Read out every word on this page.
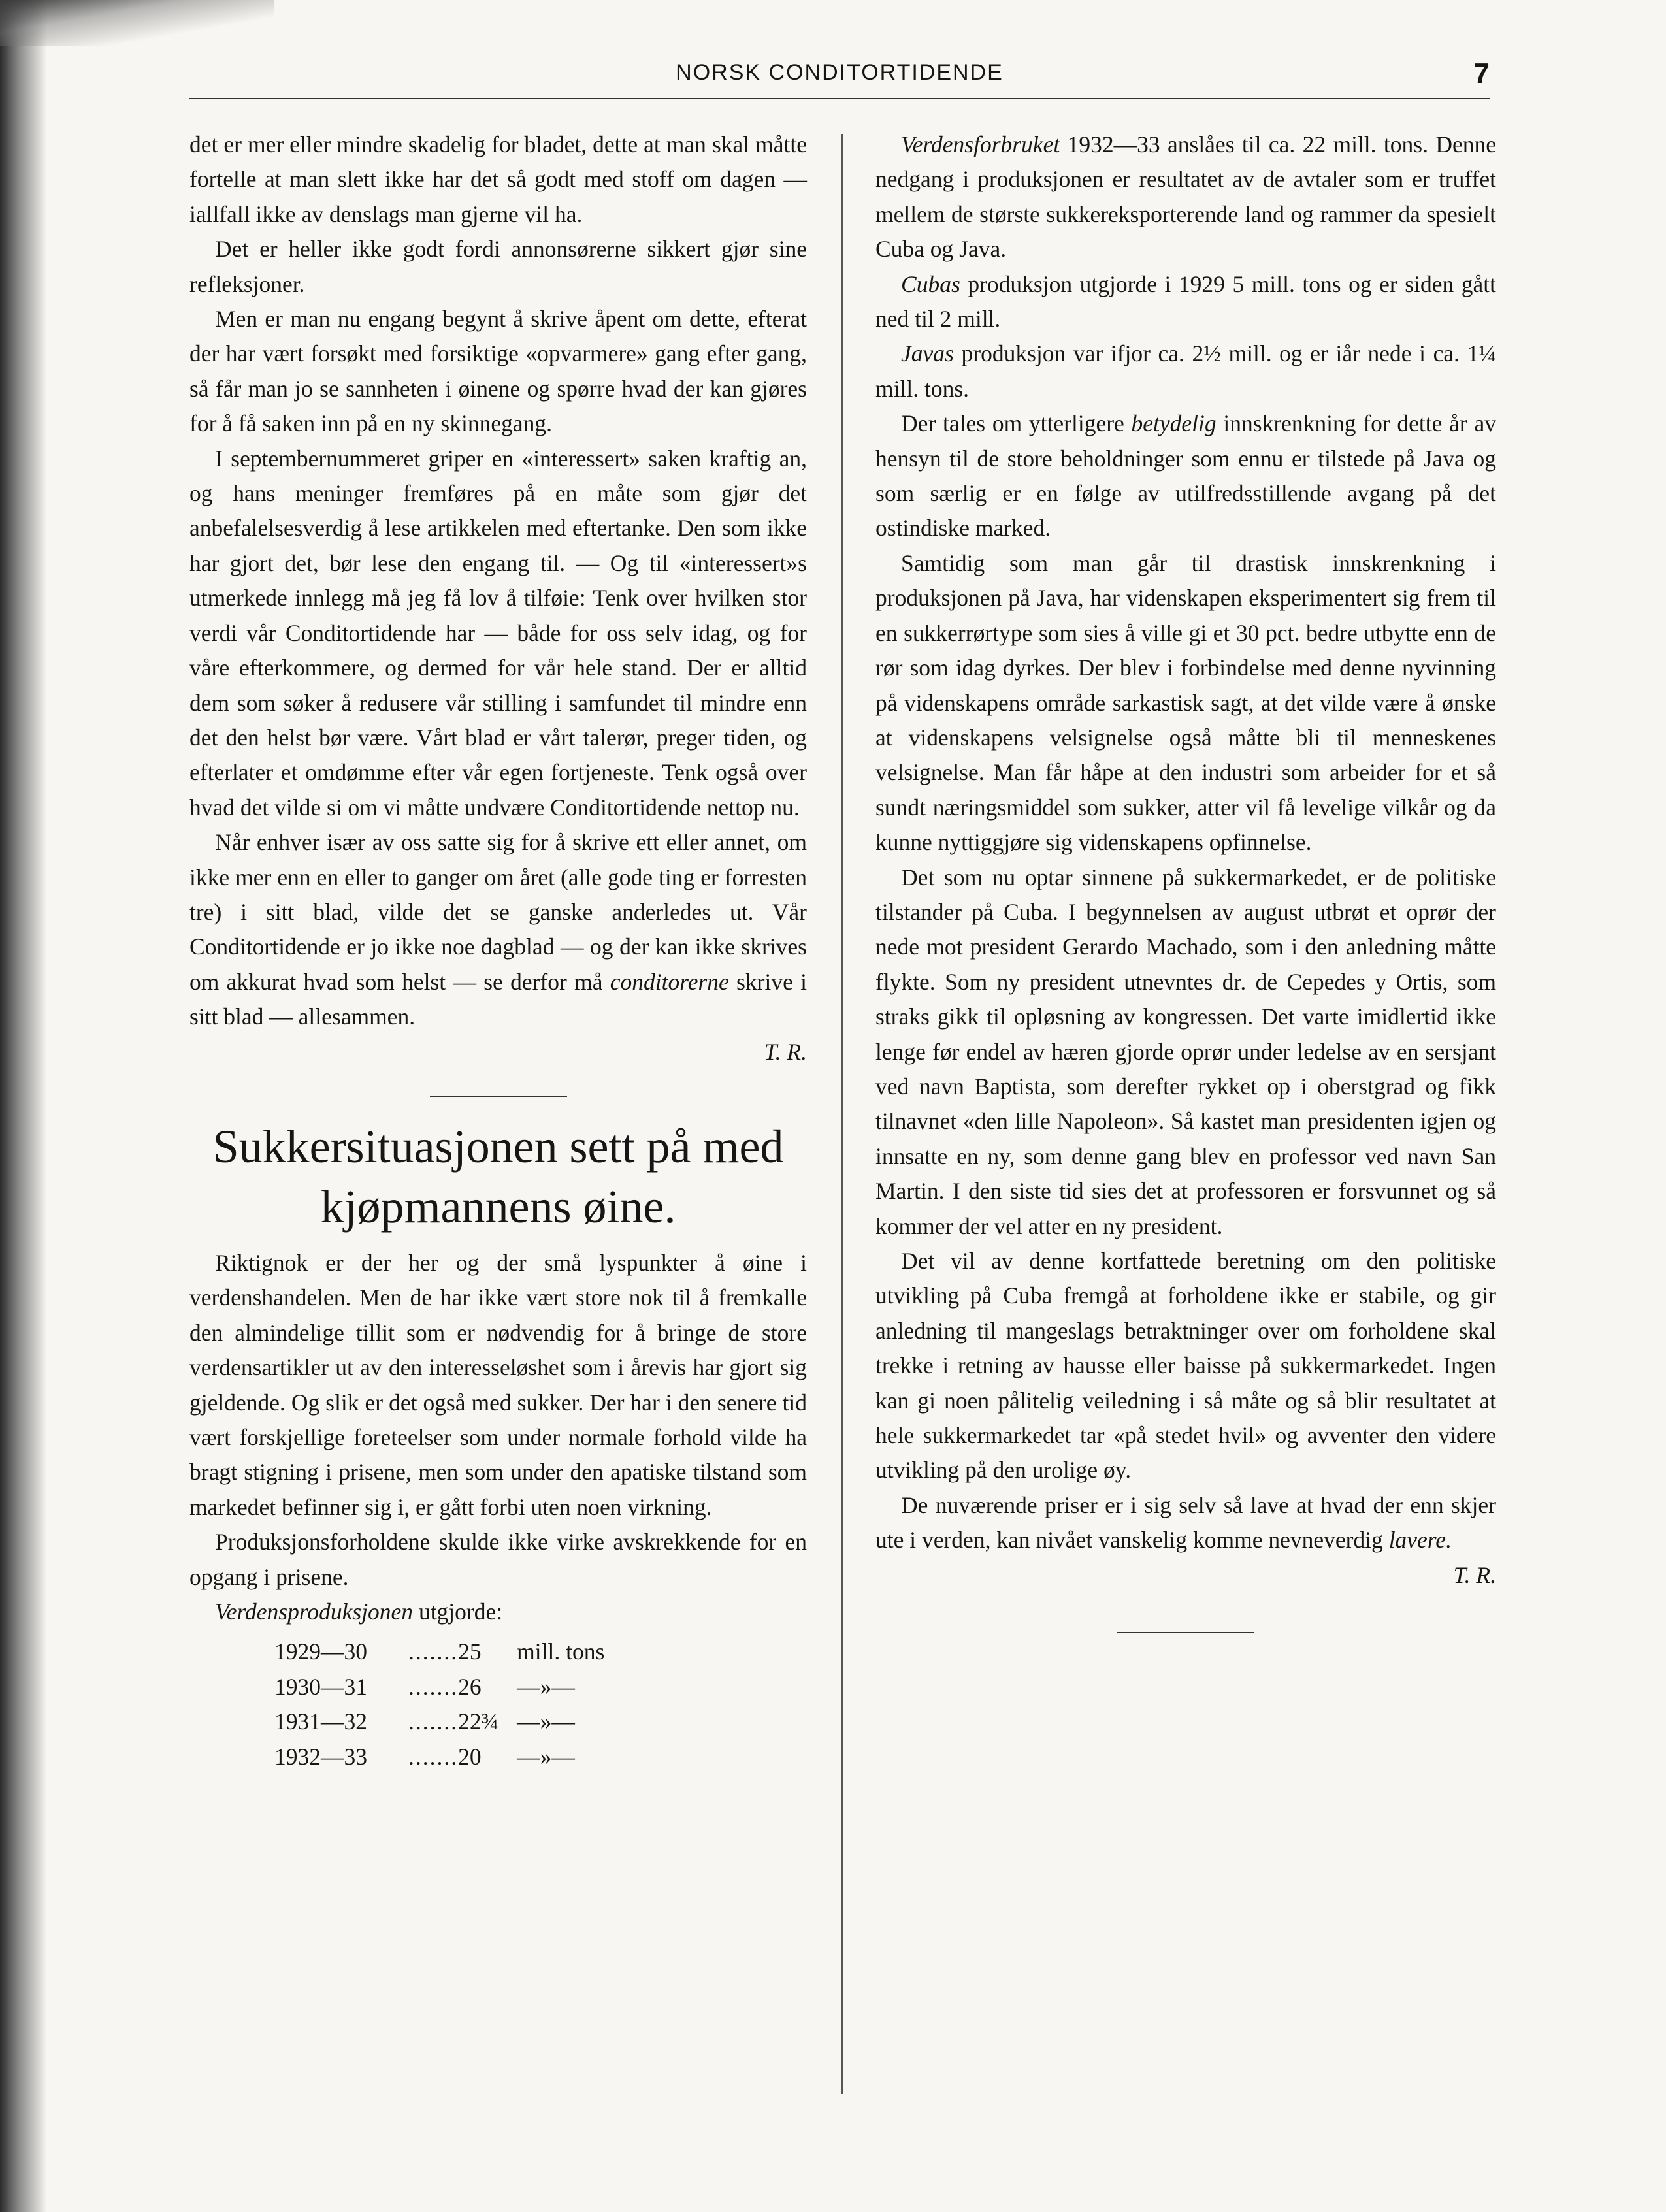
NORSK CONDITORTIDENDE	7

det er mer eller mindre skadelig for bladet, dette at man skal måtte fortelle at man slett ikke har det så godt med stoff om dagen — iallfall ikke av denslags man gjerne vil ha.

Det er heller ikke godt fordi annonsørerne sikkert gjør sine refleksjoner.

Men er man nu engang begynt å skrive åpent om dette, efterat der har vært forsøkt med forsiktige «opvarmere» gang efter gang, så får man jo se sannheten i øinene og spørre hvad der kan gjøres for å få saken inn på en ny skinnegang.

I septembernummeret griper en «interessert» saken kraftig an, og hans meninger fremføres på en måte som gjør det anbefalelsesverdig å lese artikkelen med eftertanke. Den som ikke har gjort det, bør lese den engang til. — Og til «interessert»s utmerkede innlegg må jeg få lov å tilføie: Tenk over hvilken stor verdi vår Conditortidende har — både for oss selv idag, og for våre efterkommere, og dermed for vår hele stand. Der er alltid dem som søker å redusere vår stilling i samfundet til mindre enn det den helst bør være. Vårt blad er vårt talerør, preger tiden, og efterlater et omdømme efter vår egen fortjeneste. Tenk også over hvad det vilde si om vi måtte undvære Conditortidende nettop nu.

Når enhver især av oss satte sig for å skrive ett eller annet, om ikke mer enn en eller to ganger om året (alle gode ting er forresten tre) i sitt blad, vilde det se ganske anderledes ut. Vår Conditortidende er jo ikke noe dagblad — og der kan ikke skrives om akkurat hvad som helst — se derfor må conditorerne skrive i sitt blad — allesammen.

T. R.

Sukkersituasjonen sett på med kjøpmannens øine.

Riktignok er der her og der små lyspunkter å øine i verdenshandelen. Men de har ikke vært store nok til å fremkalle den almindelige tillit som er nødvendig for å bringe de store verdensartikler ut av den interesseløshet som i årevis har gjort sig gjeldende. Og slik er det også med sukker. Der har i den senere tid vært forskjellige foreteelser som under normale forhold vilde ha bragt stigning i prisene, men som under den apatiske tilstand som markedet befinner sig i, er gått forbi uten noen virkning.

Produksjonsforholdene skulde ikke virke avskrekkende for en opgang i prisene.

Verdensproduksjonen utgjorde:

1929—30	.......	25	mill. tons
1930—31	.......	26	—»—
1931—32	.......	22¾	—»—
1932—33	.......	20	—»—

Verdensforbruket 1932—33 anslåes til ca. 22 mill. tons. Denne nedgang i produksjonen er resultatet av de avtaler som er truffet mellem de største sukkereksporterende land og rammer da spesielt Cuba og Java.

Cubas produksjon utgjorde i 1929 5 mill. tons og er siden gått ned til 2 mill.

Javas produksjon var ifjor ca. 2½ mill. og er iår nede i ca. 1¼ mill. tons.

Der tales om ytterligere betydelig innskrenkning for dette år av hensyn til de store beholdninger som ennu er tilstede på Java og som særlig er en følge av utilfredsstillende avgang på det ostindiske marked.

Samtidig som man går til drastisk innskrenkning i produksjonen på Java, har videnskapen eksperimentert sig frem til en sukkerrørtype som sies å ville gi et 30 pct. bedre utbytte enn de rør som idag dyrkes. Der blev i forbindelse med denne nyvinning på videnskapens område sarkastisk sagt, at det vilde være å ønske at videnskapens velsignelse også måtte bli til menneskenes velsignelse. Man får håpe at den industri som arbeider for et så sundt næringsmiddel som sukker, atter vil få levelige vilkår og da kunne nyttiggjøre sig videnskapens opfinnelse.

Det som nu optar sinnene på sukkermarkedet, er de politiske tilstander på Cuba. I begynnelsen av august utbrøt et oprør der nede mot president Gerardo Machado, som i den anledning måtte flykte. Som ny president utnevntes dr. de Cepedes y Ortis, som straks gikk til opløsning av kongressen. Det varte imidlertid ikke lenge før endel av hæren gjorde oprør under ledelse av en sersjant ved navn Baptista, som derefter rykket op i oberstgrad og fikk tilnavnet «den lille Napoleon». Så kastet man presidenten igjen og innsatte en ny, som denne gang blev en professor ved navn San Martin. I den siste tid sies det at professoren er forsvunnet og så kommer der vel atter en ny president.

Det vil av denne kortfattede beretning om den politiske utvikling på Cuba fremgå at forholdene ikke er stabile, og gir anledning til mangeslags betraktninger over om forholdene skal trekke i retning av hausse eller baisse på sukkermarkedet. Ingen kan gi noen pålitelig veiledning i så måte og så blir resultatet at hele sukkermarkedet tar «på stedet hvil» og avventer den videre utvikling på den urolige øy.

De nuværende priser er i sig selv så lave at hvad der enn skjer ute i verden, kan nivået vanskelig komme nevneverdig lavere.

T. R.
